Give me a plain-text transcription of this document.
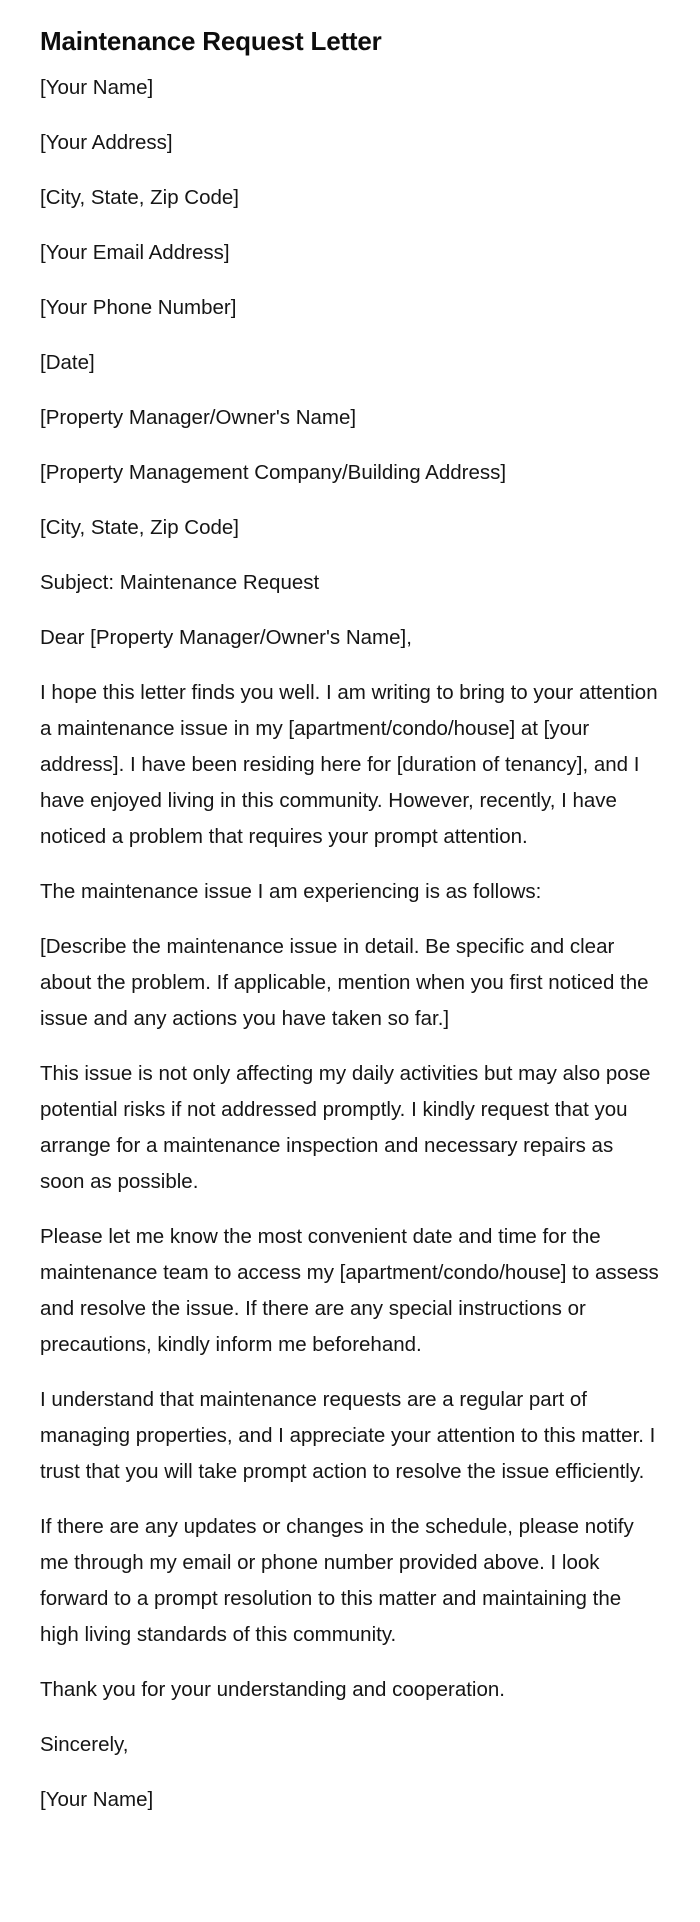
Maintenance Request Letter
[Your Name]
[Your Address]
[City, State, Zip Code]
[Your Email Address]
[Your Phone Number]
[Date]
[Property Manager/Owner's Name]
[Property Management Company/Building Address]
[City, State, Zip Code]
Subject: Maintenance Request
Dear [Property Manager/Owner's Name],

I hope this letter finds you well. I am writing to bring to your attention a maintenance issue in my [apartment/condo/house] at [your address]. I have been residing here for [duration of tenancy], and I have enjoyed living in this community. However, recently, I have noticed a problem that requires your prompt attention.

The maintenance issue I am experiencing is as follows:

[Describe the maintenance issue in detail. Be specific and clear about the problem. If applicable, mention when you first noticed the issue and any actions you have taken so far.]

This issue is not only affecting my daily activities but may also pose potential risks if not addressed promptly. I kindly request that you arrange for a maintenance inspection and necessary repairs as soon as possible.

Please let me know the most convenient date and time for the maintenance team to access my [apartment/condo/house] to assess and resolve the issue. If there are any special instructions or precautions, kindly inform me beforehand.

I understand that maintenance requests are a regular part of managing properties, and I appreciate your attention to this matter. I trust that you will take prompt action to resolve the issue efficiently.

If there are any updates or changes in the schedule, please notify me through my email or phone number provided above. I look forward to a prompt resolution to this matter and maintaining the high living standards of this community.

Thank you for your understanding and cooperation.

Sincerely,
[Your Name]
